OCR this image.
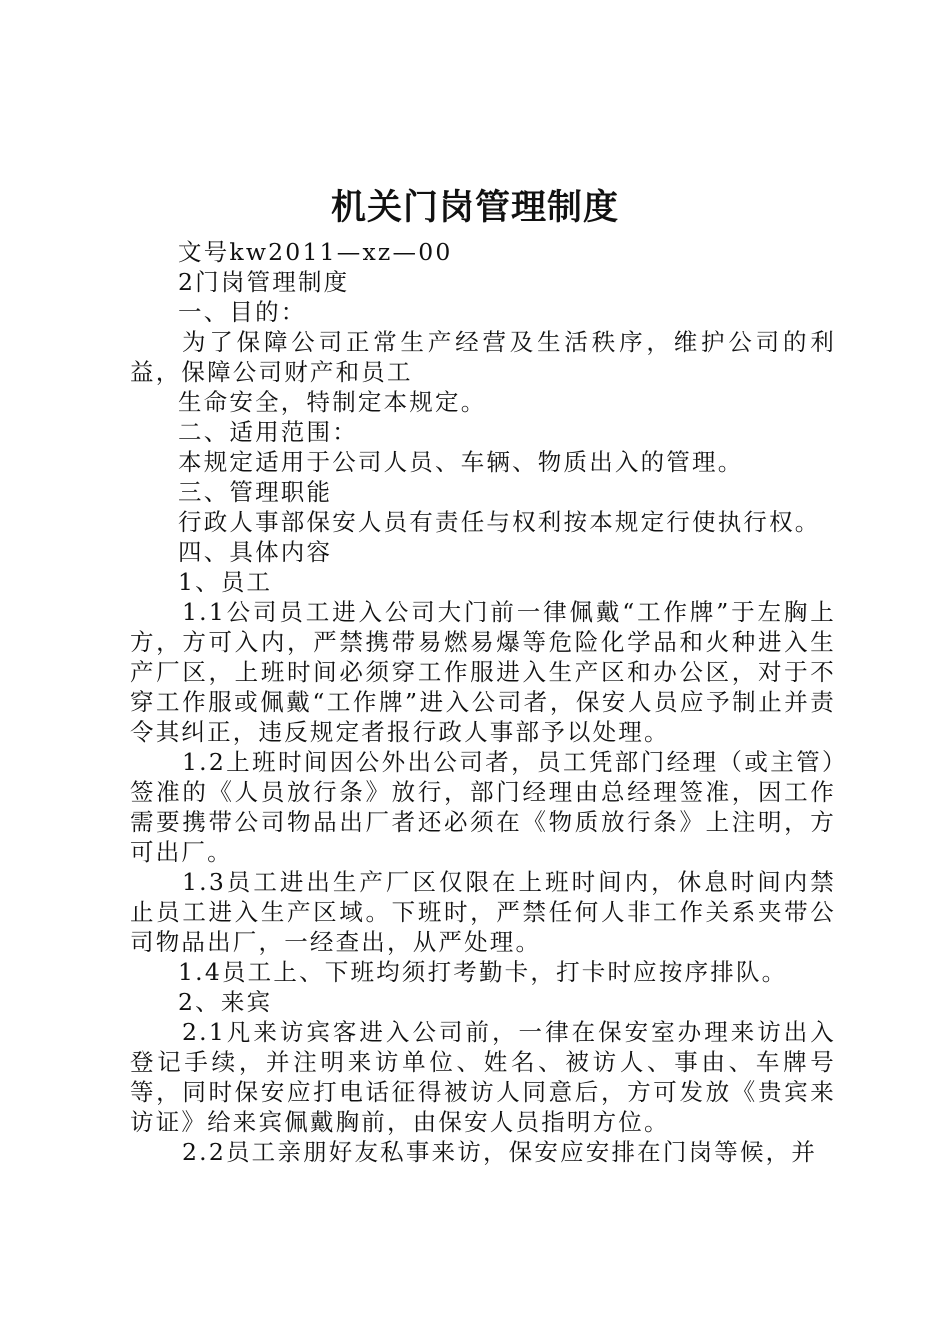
机关门岗管理制度

文号kw2011—xz—00

2门岗管理制度

一、目的：

为了保障公司正常生产经营及生活秩序，维护公司的利益，保障公司财产和员工

生命安全，特制定本规定。

二、适用范围：

本规定适用于公司人员、车辆、物质出入的管理。

三、管理职能

行政人事部保安人员有责任与权利按本规定行使执行权。

四、具体内容

1、员工

1.1公司员工进入公司大门前一律佩戴“工作牌”于左胸上方，方可入内，严禁携带易燃易爆等危险化学品和火种进入生产厂区，上班时间必须穿工作服进入生产区和办公区，对于不穿工作服或佩戴“工作牌”进入公司者，保安人员应予制止并责令其纠正，违反规定者报行政人事部予以处理。

1.2上班时间因公外出公司者，员工凭部门经理（或主管）签准的《人员放行条》放行，部门经理由总经理签准，因工作需要携带公司物品出厂者还必须在《物质放行条》上注明，方可出厂。

1.3员工进出生产厂区仅限在上班时间内，休息时间内禁止员工进入生产区域。下班时，严禁任何人非工作关系夹带公司物品出厂，一经查出，从严处理。

1.4员工上、下班均须打考勤卡，打卡时应按序排队。

2、来宾

2.1凡来访宾客进入公司前，一律在保安室办理来访出入登记手续，并注明来访单位、姓名、被访人、事由、车牌号等，同时保安应打电话征得被访人同意后，方可发放《贵宾来访证》给来宾佩戴胸前，由保安人员指明方位。

2.2员工亲朋好友私事来访，保安应安排在门岗等候，并
